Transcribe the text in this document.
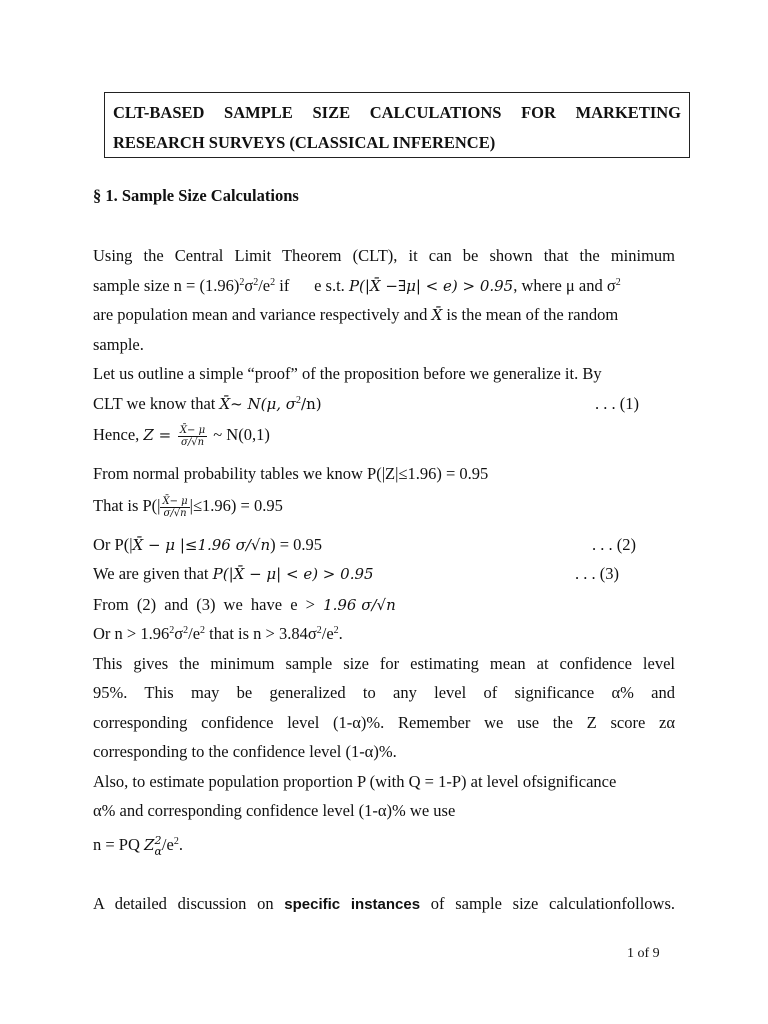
CLT-BASED SAMPLE SIZE CALCULATIONS FOR MARKETING
RESEARCH SURVEYS (CLASSICAL INFERENCE)
§ 1. Sample Size Calculations
Using the Central Limit Theorem (CLT), it can be shown that the minimum
sample size $n = (1.96)^2\sigma^2/e^2$ if      e s.t. P(|X̄ −∃μ| < e) > 0.95, where μ and $\sigma^2$
are population mean and variance respectively and X̄ is the mean of the random
sample.
Let us outline a simple “proof” of the proposition before we generalize it. By
CLT we know that X̄~ N(μ, $\sigma^2/n$)	. . . (1)
Hence, $Z = \frac{X̄- \mu}{\sigma/√n}$ ~ N(0,1)
From normal probability tables we know P(|Z|≤1.96) = 0.95
That is $P(| \frac{X̄- \mu}{\sigma/√n} |\le 1.96) = 0.95$
Or P(|X̄ − μ |≤1.96 σ/√n) = 0.95	. . . (2)
We are given that P(|X̄ − μ| < e) > 0.95	. . . (3)
From (2) and (3) we have e > 1.96 σ/√n
Or $n > 1.96^2\sigma^2/e^2$ that is $n > 3.84\sigma^2/e^2$.
This gives the minimum sample size for estimating mean at confidence level
95%. This may be generalized to any level of significance α% and
corresponding confidence level (1-α)%. Remember we use the Z score zα
corresponding to the confidence level (1-α)%.
Also, to estimate population proportion P (with Q = 1-P) at level ofsignificance
α% and corresponding confidence level (1-α)% we use
n = PQ Z 2
α $/e^2$.
A detailed discussion on specific instances of sample size calculationfollows.
1 of 9
